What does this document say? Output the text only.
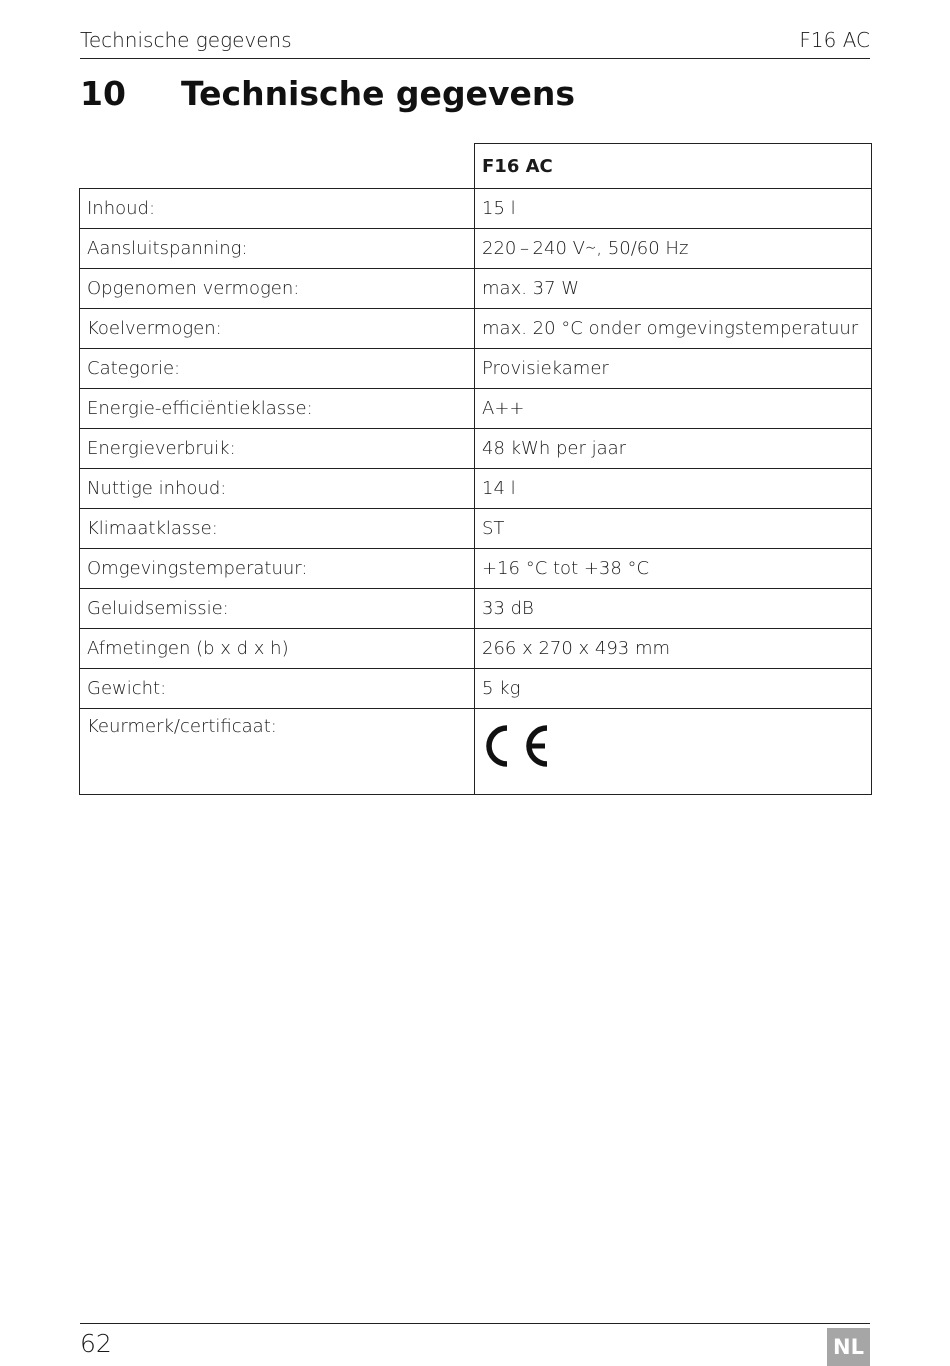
Technische gegevens	F16 AC
10 Technische gegevens
	F16 AC
Inhoud:	15 l
Aansluitspanning:	220 – 240 V∼, 50/60 Hz
Opgenomen vermogen:	max. 37 W
Koelvermogen:	max. 20 °C onder omgevingstemperatuur
Categorie:	Provisiekamer
Energie-efficiëntieklasse:	A++
Energieverbruik:	48 kWh per jaar
Nuttige inhoud:	14 l
Klimaatklasse:	ST
Omgevingstemperatuur:	+16 °C tot +38 °C
Geluidsemissie:	33 dB
Afmetingen (b x d x h)	266 x 270 x 493 mm
Gewicht:	5 kg
Keurmerk/certificaat:	
62	NL
